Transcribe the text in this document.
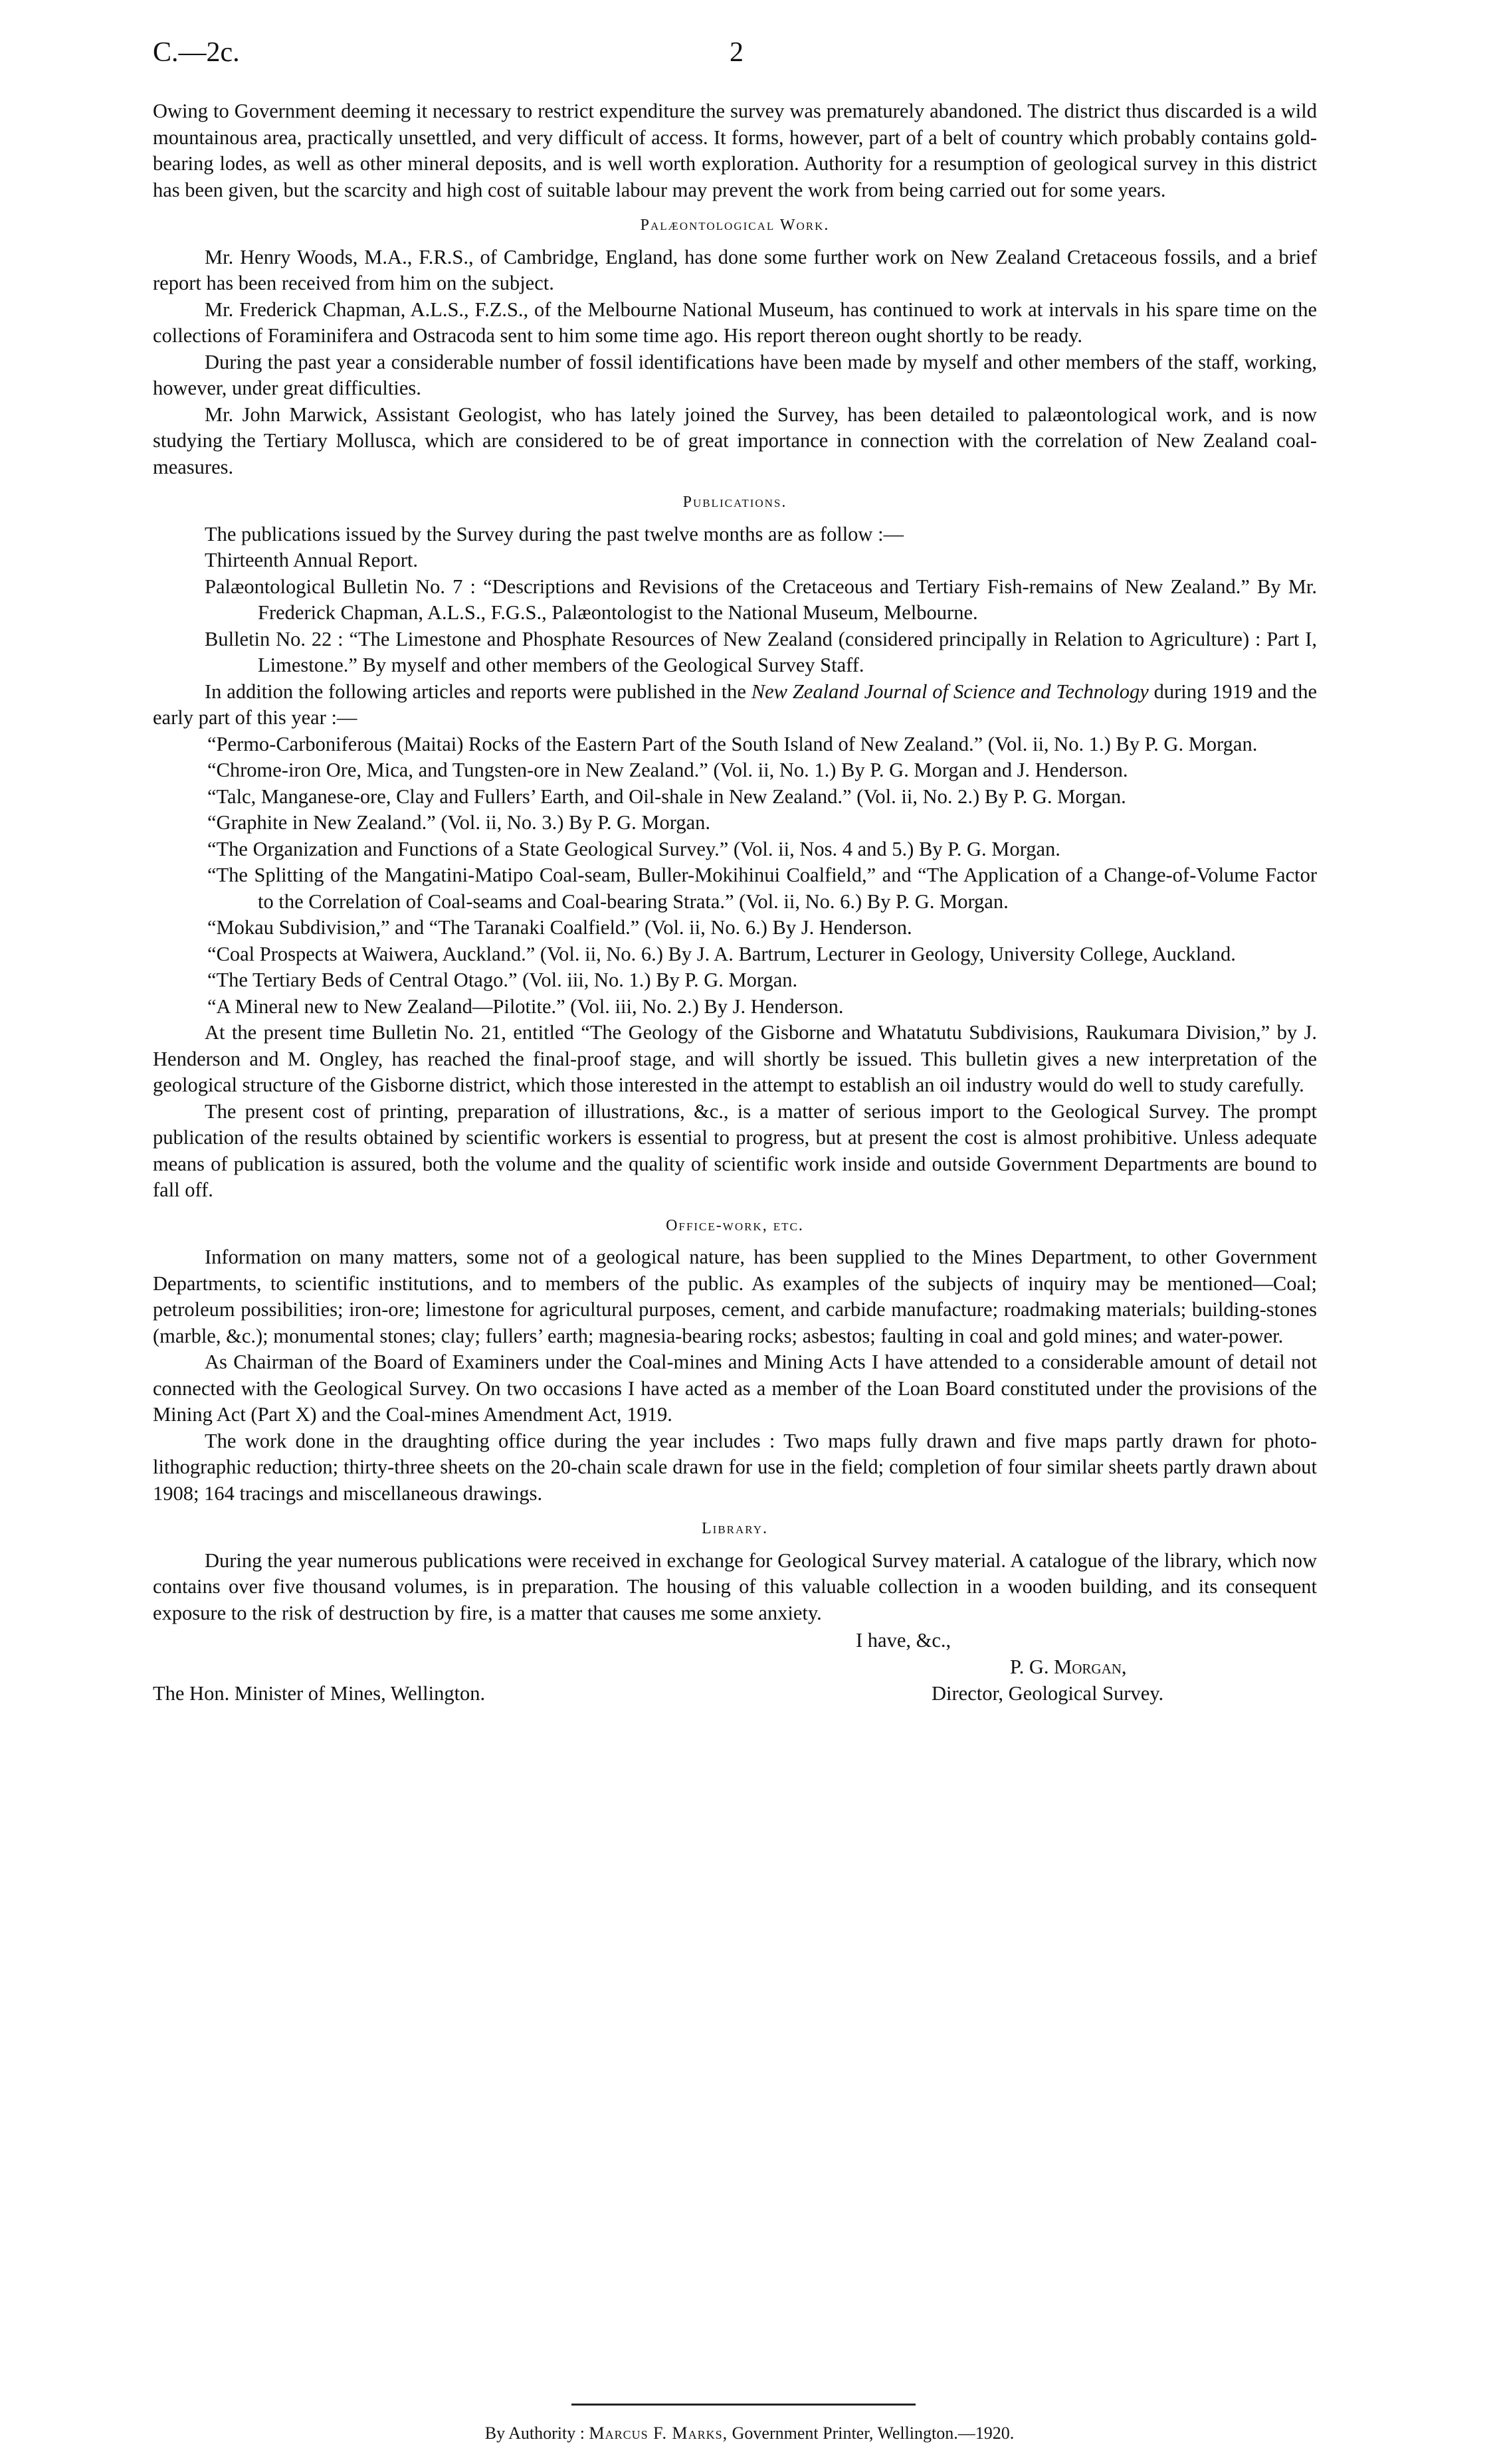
C.—2c.	2

Owing to Government deeming it necessary to restrict expenditure the survey was prematurely abandoned. The district thus discarded is a wild mountainous area, practically unsettled, and very difficult of access. It forms, however, part of a belt of country which probably contains gold-bearing lodes, as well as other mineral deposits, and is well worth exploration. Authority for a resumption of geological survey in this district has been given, but the scarcity and high cost of suitable labour may prevent the work from being carried out for some years.

Palæontological Work.

Mr. Henry Woods, M.A., F.R.S., of Cambridge, England, has done some further work on New Zealand Cretaceous fossils, and a brief report has been received from him on the subject.

Mr. Frederick Chapman, A.L.S., F.Z.S., of the Melbourne National Museum, has continued to work at intervals in his spare time on the collections of Foraminifera and Ostracoda sent to him some time ago. His report thereon ought shortly to be ready.

During the past year a considerable number of fossil identifications have been made by myself and other members of the staff, working, however, under great difficulties.

Mr. John Marwick, Assistant Geologist, who has lately joined the Survey, has been detailed to palæontological work, and is now studying the Tertiary Mollusca, which are considered to be of great importance in connection with the correlation of New Zealand coal-measures.

Publications.

The publications issued by the Survey during the past twelve months are as follow :—

Thirteenth Annual Report.
Palæontological Bulletin No. 7 : “Descriptions and Revisions of the Cretaceous and Tertiary Fish-remains of New Zealand.” By Mr. Frederick Chapman, A.L.S., F.G.S., Palæontologist to the National Museum, Melbourne.
Bulletin No. 22 : “The Limestone and Phosphate Resources of New Zealand (considered principally in Relation to Agriculture) : Part I, Limestone.” By myself and other members of the Geological Survey Staff.

In addition the following articles and reports were published in the New Zealand Journal of Science and Technology during 1919 and the early part of this year :—

“Permo-Carboniferous (Maitai) Rocks of the Eastern Part of the South Island of New Zealand.” (Vol. ii, No. 1.) By P. G. Morgan.
“Chrome-iron Ore, Mica, and Tungsten-ore in New Zealand.” (Vol. ii, No. 1.) By P. G. Morgan and J. Henderson.
“Talc, Manganese-ore, Clay and Fullers’ Earth, and Oil-shale in New Zealand.” (Vol. ii, No. 2.) By P. G. Morgan.
“Graphite in New Zealand.” (Vol. ii, No. 3.) By P. G. Morgan.
“The Organization and Functions of a State Geological Survey.” (Vol. ii, Nos. 4 and 5.) By P. G. Morgan.
“The Splitting of the Mangatini-Matipo Coal-seam, Buller-Mokihinui Coalfield,” and “The Application of a Change-of-Volume Factor to the Correlation of Coal-seams and Coal-bearing Strata.” (Vol. ii, No. 6.) By P. G. Morgan.
“Mokau Subdivision,” and “The Taranaki Coalfield.” (Vol. ii, No. 6.) By J. Henderson.
“Coal Prospects at Waiwera, Auckland.” (Vol. ii, No. 6.) By J. A. Bartrum, Lecturer in Geology, University College, Auckland.
“The Tertiary Beds of Central Otago.” (Vol. iii, No. 1.) By P. G. Morgan.
“A Mineral new to New Zealand—Pilotite.” (Vol. iii, No. 2.) By J. Henderson.

At the present time Bulletin No. 21, entitled “The Geology of the Gisborne and Whatatutu Subdivisions, Raukumara Division,” by J. Henderson and M. Ongley, has reached the final-proof stage, and will shortly be issued. This bulletin gives a new interpretation of the geological structure of the Gisborne district, which those interested in the attempt to establish an oil industry would do well to study carefully.

The present cost of printing, preparation of illustrations, &c., is a matter of serious import to the Geological Survey. The prompt publication of the results obtained by scientific workers is essential to progress, but at present the cost is almost prohibitive. Unless adequate means of publication is assured, both the volume and the quality of scientific work inside and outside Government Departments are bound to fall off.

Office-work, etc.

Information on many matters, some not of a geological nature, has been supplied to the Mines Department, to other Government Departments, to scientific institutions, and to members of the public. As examples of the subjects of inquiry may be mentioned—Coal; petroleum possibilities; iron-ore; limestone for agricultural purposes, cement, and carbide manufacture; roadmaking materials; building-stones (marble, &c.); monumental stones; clay; fullers’ earth; magnesia-bearing rocks; asbestos; faulting in coal and gold mines; and water-power.

As Chairman of the Board of Examiners under the Coal-mines and Mining Acts I have attended to a considerable amount of detail not connected with the Geological Survey. On two occasions I have acted as a member of the Loan Board constituted under the provisions of the Mining Act (Part X) and the Coal-mines Amendment Act, 1919.

The work done in the draughting office during the year includes : Two maps fully drawn and five maps partly drawn for photo-lithographic reduction; thirty-three sheets on the 20-chain scale drawn for use in the field; completion of four similar sheets partly drawn about 1908; 164 tracings and miscellaneous drawings.

Library.

During the year numerous publications were received in exchange for Geological Survey material. A catalogue of the library, which now contains over five thousand volumes, is in preparation. The housing of this valuable collection in a wooden building, and its consequent exposure to the risk of destruction by fire, is a matter that causes me some anxiety.

I have, &c.,
P. G. Morgan,
The Hon. Minister of Mines, Wellington.	Director, Geological Survey.
By Authority : Marcus F. Marks, Government Printer, Wellington.—1920.
